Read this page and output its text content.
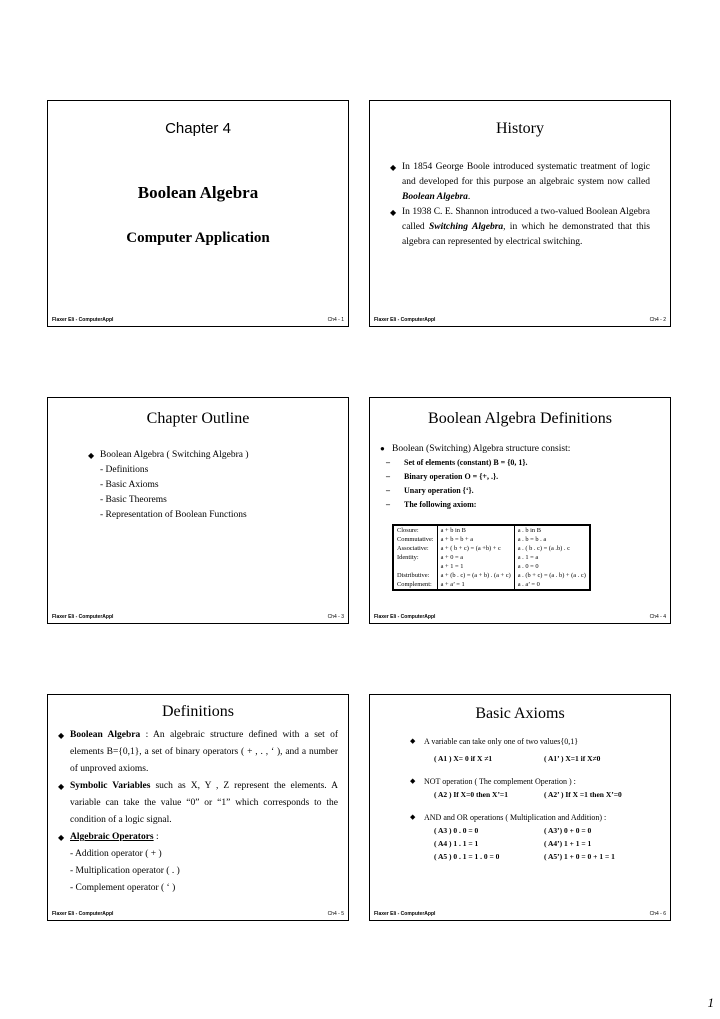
Chapter 4
Boolean Algebra
Computer Application
Flaxer Eli - ComputerAppl	Ch4 - 1
History
◆ In 1854 George Boole introduced systematic treatment of logic and developed for this purpose an algebraic system now called Boolean Algebra.
◆ In 1938 C. E. Shannon introduced a two-valued Boolean Algebra called Switching Algebra, in which he demonstrated that this algebra can represented by electrical switching.
Flaxer Eli - ComputerAppl	Ch4 - 2
Chapter Outline
◆ Boolean Algebra ( Switching Algebra )
- Definitions
- Basic Axioms
- Basic Theorems
- Representation of Boolean Functions
Flaxer Eli - ComputerAppl	Ch4 - 3
Boolean Algebra Definitions
● Boolean (Switching) Algebra structure consist:
– Set of elements (constant) B = {0, 1}.
– Binary operation O = {+, .}.
– Unary operation {‘}.
– The following axiom:
Closure:	a + b in B	a . b in B
Commutative:	a + b = b + a	a . b = b . a
Associative:	a + ( b + c) = (a +b) + c	a . ( b . c) = (a .b) . c
Identity:	a + 0 = a	a . 1 = a
	a + 1 = 1	a . 0 = 0
Distributive:	a + (b . c) = (a + b) . (a + c)	a . (b + c) = (a . b) + (a . c)
Complement:	a + a’ = 1	a . a’ = 0
Flaxer Eli - ComputerAppl	Ch4 - 4
Definitions
◆ Boolean Algebra : An algebraic structure defined with a set of elements B={0,1}, a set of binary operators ( + , . , ‘ ), and a number of unproved axioms.
◆ Symbolic Variables such as X, Y , Z represent the elements. A variable can take the value “0” or “1” which corresponds to the condition of a logic signal.
◆ Algebraic Operators :
- Addition operator ( + )
- Multiplication operator ( . )
- Complement operator ( ‘ )
Flaxer Eli - ComputerAppl	Ch4 - 5
Basic Axioms
◆ A variable can take only one of two values{0,1}
( A1 ) X= 0 if X ≠1	( A1’ ) X=1 if X≠0
◆ NOT operation ( The complement Operation ) :
( A2 ) If X=0 then X’=1	( A2’ ) If X =1 then X’=0
◆ AND and OR operations ( Multiplication and Addition) :
( A3 ) 0 . 0 = 0	( A3’) 0 + 0 = 0
( A4 ) 1 . 1 = 1	( A4’) 1 + 1 = 1
( A5 ) 0 . 1 = 1 . 0 = 0	( A5’) 1 + 0 = 0 + 1 = 1
Flaxer Eli - ComputerAppl	Ch4 - 6
1
